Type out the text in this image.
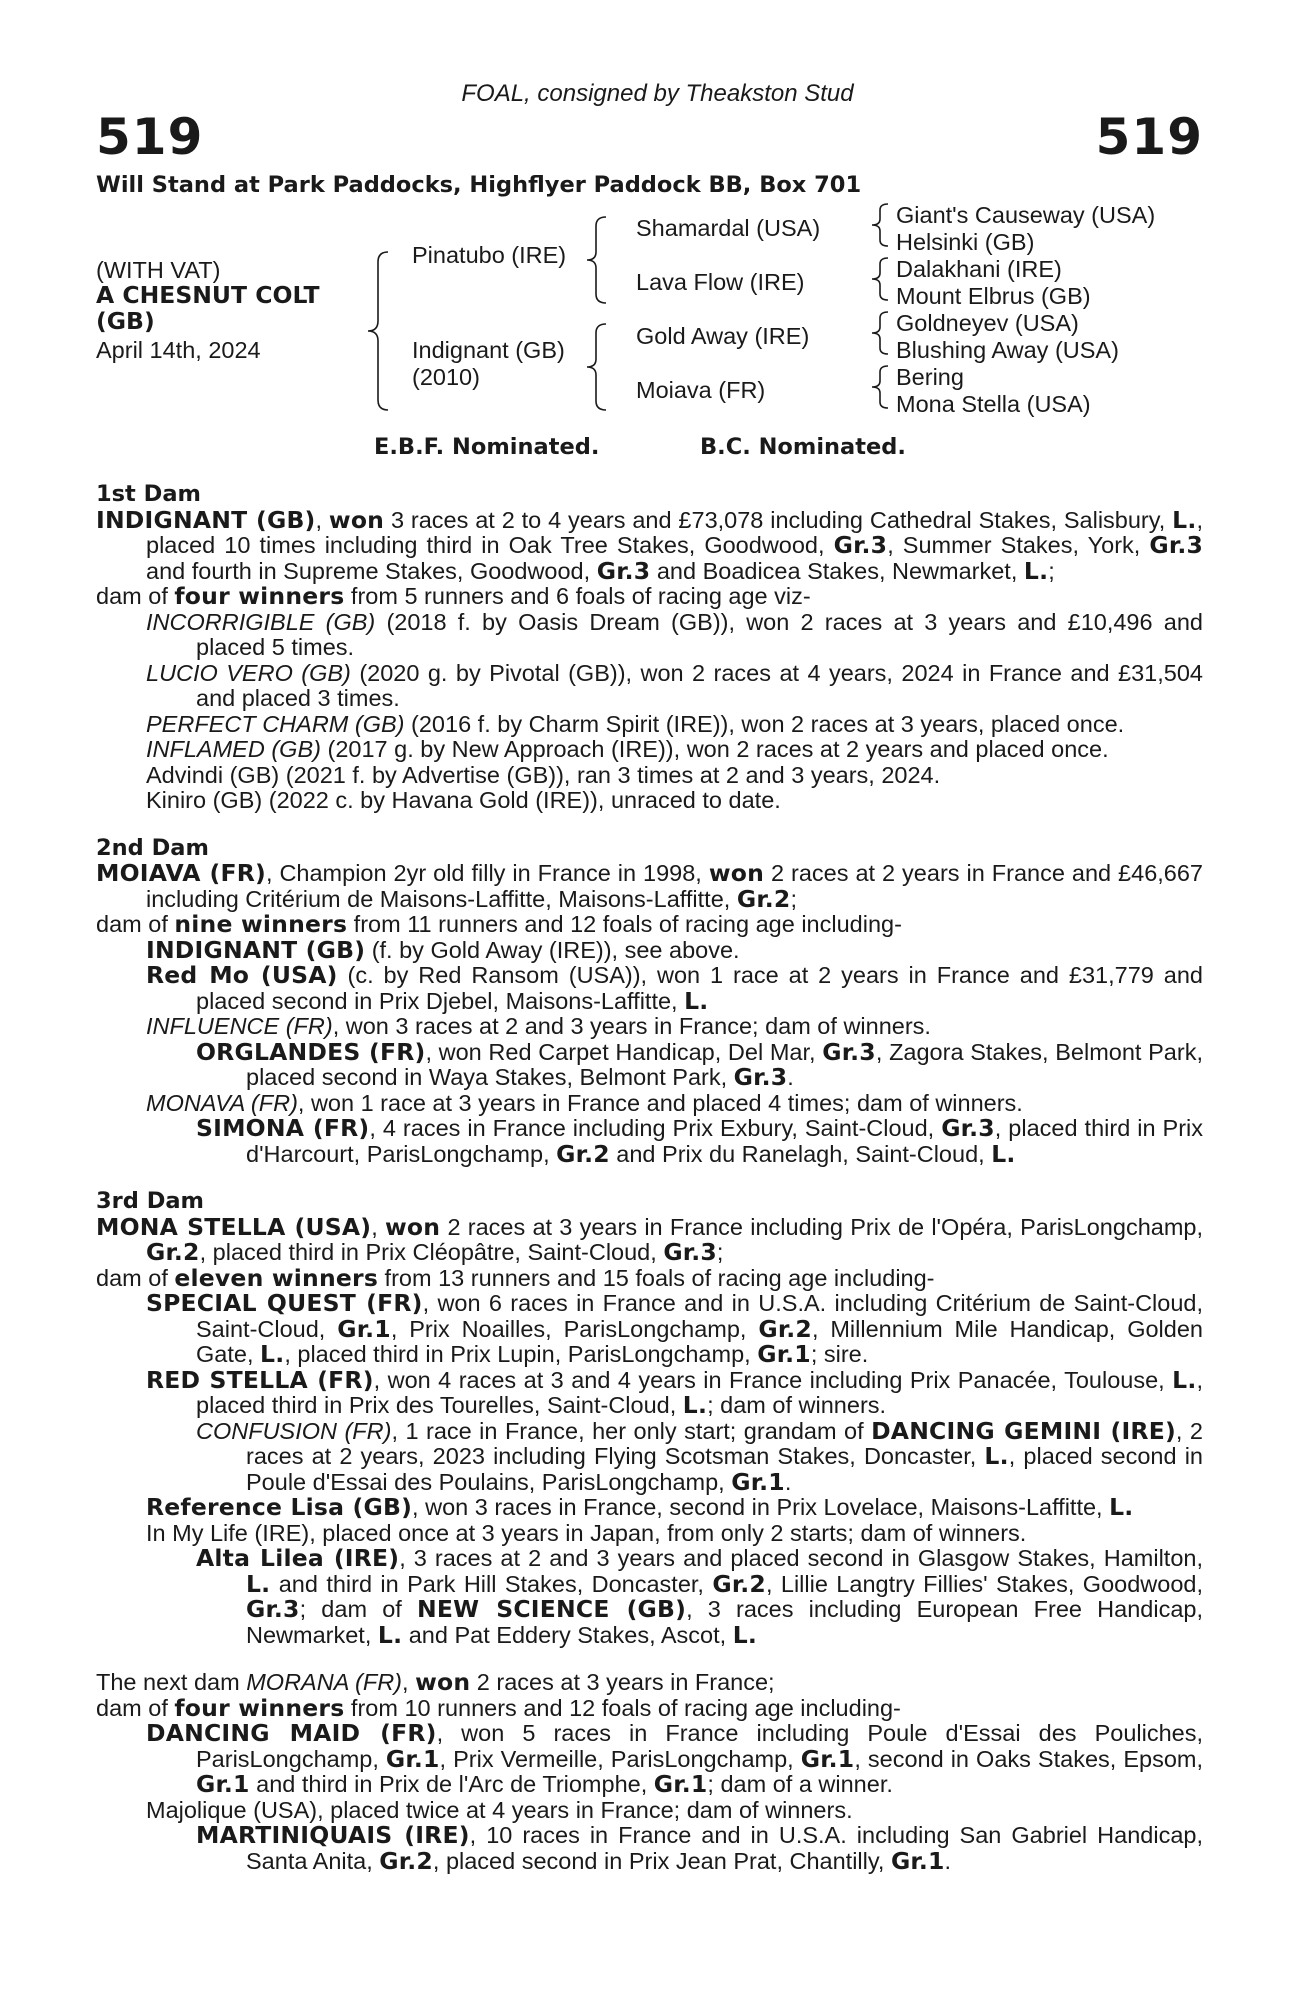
FOAL, consigned by Theakston Stud
519	519
Will Stand at Park Paddocks, Highflyer Paddock BB, Box 701
(WITH VAT)
A CHESNUT COLT (GB)
April 14th, 2024
Pinatubo (IRE)
Indignant (GB)
(2010)
Shamardal (USA)
Lava Flow (IRE)
Gold Away (IRE)
Moiava (FR)
Giant's Causeway (USA)
Helsinki (GB)
Dalakhani (IRE)
Mount Elbrus (GB)
Goldneyev (USA)
Blushing Away (USA)
Bering
Mona Stella (USA)
E.B.F. Nominated.	B.C. Nominated.
1st Dam

INDIGNANT (GB), won 3 races at 2 to 4 years and £73,078 including Cathedral Stakes, Salisbury, L., placed 10 times including third in Oak Tree Stakes, Goodwood, Gr.3, Summer Stakes, York, Gr.3 and fourth in Supreme Stakes, Goodwood, Gr.3 and Boadicea Stakes, Newmarket, L.;

dam of four winners from 5 runners and 6 foals of racing age viz-

INCORRIGIBLE (GB) (2018 f. by Oasis Dream (GB)), won 2 races at 3 years and £10,496 and placed 5 times.

LUCIO VERO (GB) (2020 g. by Pivotal (GB)), won 2 races at 4 years, 2024 in France and £31,504 and placed 3 times.

PERFECT CHARM (GB) (2016 f. by Charm Spirit (IRE)), won 2 races at 3 years, placed once.

INFLAMED (GB) (2017 g. by New Approach (IRE)), won 2 races at 2 years and placed once.

Advindi (GB) (2021 f. by Advertise (GB)), ran 3 times at 2 and 3 years, 2024.

Kiniro (GB) (2022 c. by Havana Gold (IRE)), unraced to date.

2nd Dam

MOIAVA (FR), Champion 2yr old filly in France in 1998, won 2 races at 2 years in France and £46,667 including Critérium de Maisons-Laffitte, Maisons-Laffitte, Gr.2;

dam of nine winners from 11 runners and 12 foals of racing age including-

INDIGNANT (GB) (f. by Gold Away (IRE)), see above.

Red Mo (USA) (c. by Red Ransom (USA)), won 1 race at 2 years in France and £31,779 and placed second in Prix Djebel, Maisons-Laffitte, L.

INFLUENCE (FR), won 3 races at 2 and 3 years in France; dam of winners.

ORGLANDES (FR), won Red Carpet Handicap, Del Mar, Gr.3, Zagora Stakes, Belmont Park, placed second in Waya Stakes, Belmont Park, Gr.3.

MONAVA (FR), won 1 race at 3 years in France and placed 4 times; dam of winners.

SIMONA (FR), 4 races in France including Prix Exbury, Saint-Cloud, Gr.3, placed third in Prix d'Harcourt, ParisLongchamp, Gr.2 and Prix du Ranelagh, Saint-Cloud, L.

3rd Dam

MONA STELLA (USA), won 2 races at 3 years in France including Prix de l'Opéra, ParisLongchamp, Gr.2, placed third in Prix Cléopâtre, Saint-Cloud, Gr.3;

dam of eleven winners from 13 runners and 15 foals of racing age including-

SPECIAL QUEST (FR), won 6 races in France and in U.S.A. including Critérium de Saint-Cloud, Saint-Cloud, Gr.1, Prix Noailles, ParisLongchamp, Gr.2, Millennium Mile Handicap, Golden Gate, L., placed third in Prix Lupin, ParisLongchamp, Gr.1; sire.

RED STELLA (FR), won 4 races at 3 and 4 years in France including Prix Panacée, Toulouse, L., placed third in Prix des Tourelles, Saint-Cloud, L.; dam of winners.

CONFUSION (FR), 1 race in France, her only start; grandam of DANCING GEMINI (IRE), 2 races at 2 years, 2023 including Flying Scotsman Stakes, Doncaster, L., placed second in Poule d'Essai des Poulains, ParisLongchamp, Gr.1.

Reference Lisa (GB), won 3 races in France, second in Prix Lovelace, Maisons-Laffitte, L.

In My Life (IRE), placed once at 3 years in Japan, from only 2 starts; dam of winners.

Alta Lilea (IRE), 3 races at 2 and 3 years and placed second in Glasgow Stakes, Hamilton, L. and third in Park Hill Stakes, Doncaster, Gr.2, Lillie Langtry Fillies' Stakes, Goodwood, Gr.3; dam of NEW SCIENCE (GB), 3 races including European Free Handicap, Newmarket, L. and Pat Eddery Stakes, Ascot, L.

The next dam MORANA (FR), won 2 races at 3 years in France;

dam of four winners from 10 runners and 12 foals of racing age including-

DANCING MAID (FR), won 5 races in France including Poule d'Essai des Pouliches, ParisLongchamp, Gr.1, Prix Vermeille, ParisLongchamp, Gr.1, second in Oaks Stakes, Epsom, Gr.1 and third in Prix de l'Arc de Triomphe, Gr.1; dam of a winner.

Majolique (USA), placed twice at 4 years in France; dam of winners.

MARTINIQUAIS (IRE), 10 races in France and in U.S.A. including San Gabriel Handicap, Santa Anita, Gr.2, placed second in Prix Jean Prat, Chantilly, Gr.1.
